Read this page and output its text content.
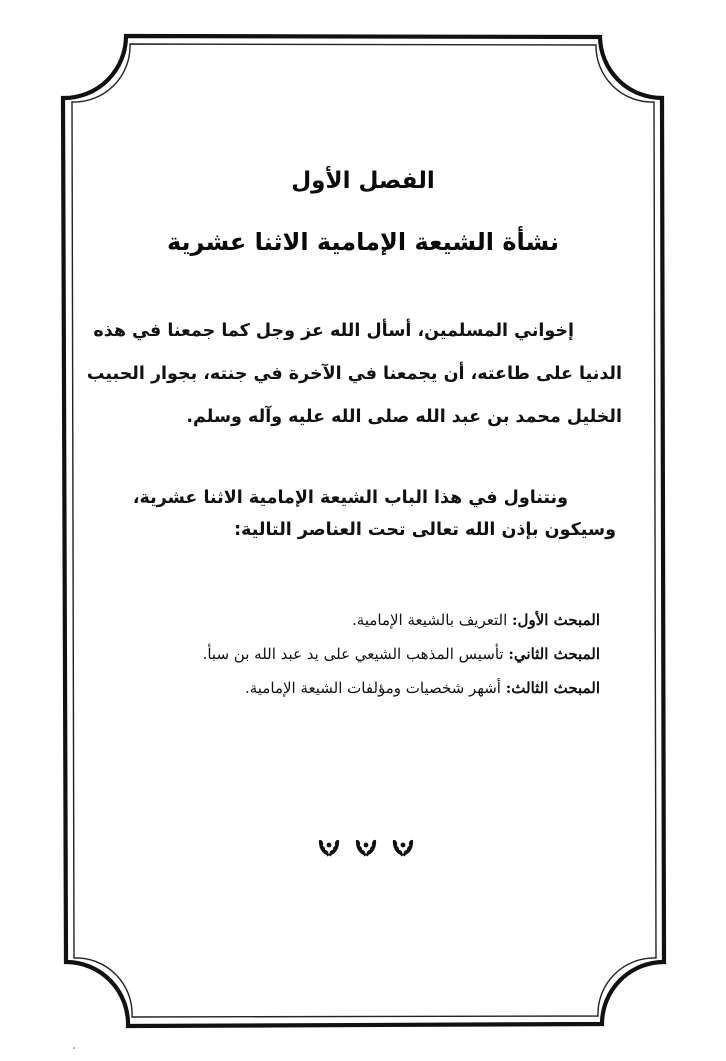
الفصل الأول
نشأة الشيعة الإمامية الاثنا عشرية

إخواني المسلمين، أسأل الله عز وجل كما جمعنا في هذه الدنيا على طاعته، أن يجمعنا في الآخرة في جنته، بجوار الحبيب الخليل محمد بن عبد الله صلى الله عليه وآله وسلم.

ونتناول في هذا الباب الشيعة الإمامية الاثنا عشرية، وسيكون بإذن الله تعالى تحت العناصر التالية:

المبحث الأول: التعريف بالشيعة الإمامية.
المبحث الثاني: تأسيس المذهب الشيعي على يد عبد الله بن سبأ.
المبحث الثالث: أشهر شخصيات ومؤلفات الشيعة الإمامية.
